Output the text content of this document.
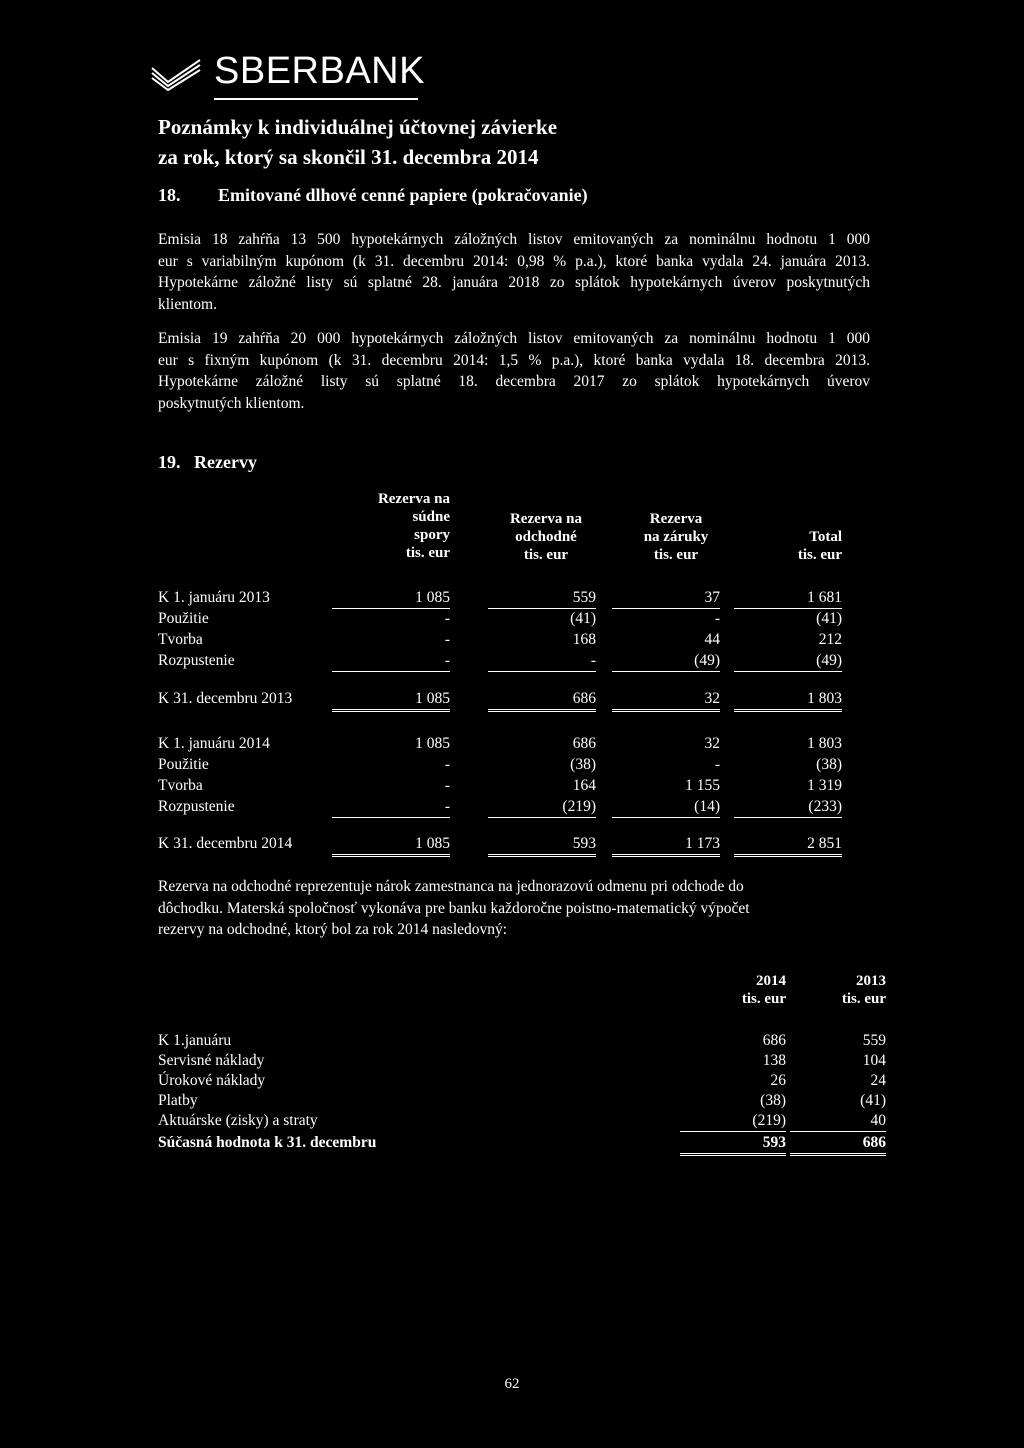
SBERBANK
Poznámky k individuálnej účtovnej závierke
za rok, ktorý sa skončil 31. decembra 2014
18. Emitované dlhové cenné papiere (pokračovanie)
Emisia 18 zahŕňa 13 500 hypotekárnych záložných listov emitovaných za nominálnu hodnotu 1 000
eur s variabilným kupónom (k 31. decembru 2014: 0,98 % p.a.), ktoré banka vydala 24. januára 2013.
Hypotekárne záložné listy sú splatné 28. januára 2018 zo splátok hypotekárnych úverov poskytnutých
klientom.
Emisia 19 zahŕňa 20 000 hypotekárnych záložných listov emitovaných za nominálnu hodnotu 1 000
eur s fixným kupónom (k 31. decembru 2014: 1,5 % p.a.), ktoré banka vydala 18. decembra 2013.
Hypotekárne záložné listy sú splatné 18. decembra 2017 zo splátok hypotekárnych úverov
poskytnutých klientom.
19. Rezervy
Rezerva na
súdne
spory
tis. eur
Rezerva na
odchodné
tis. eur
Rezerva
na záruky
tis. eur
Total
tis. eur
K 1. januáru 2013	1 085	559	37	1 681
Použitie	-	(41)	-	(41)
Tvorba	-	168	44	212
Rozpustenie	-	-	(49)	(49)
K 31. decembru 2013	1 085	686	32	1 803
K 1. januáru 2014	1 085	686	32	1 803
Použitie	-	(38)	-	(38)
Tvorba	-	164	1 155	1 319
Rozpustenie	-	(219)	(14)	(233)
K 31. decembru 2014	1 085	593	1 173	2 851
Rezerva na odchodné reprezentuje nárok zamestnanca na jednorazovú odmenu pri odchode do
dôchodku. Materská spoločnosť vykonáva pre banku každoročne poistno-matematický výpočet
rezervy na odchodné, ktorý bol za rok 2014 nasledovný:
2014
tis. eur
2013
tis. eur
K 1.januáru	686	559
Servisné náklady	138	104
Úrokové náklady	26	24
Platby	(38)	(41)
Aktuárske (zisky) a straty	(219)	40
Súčasná hodnota k 31. decembru	593	686
62
